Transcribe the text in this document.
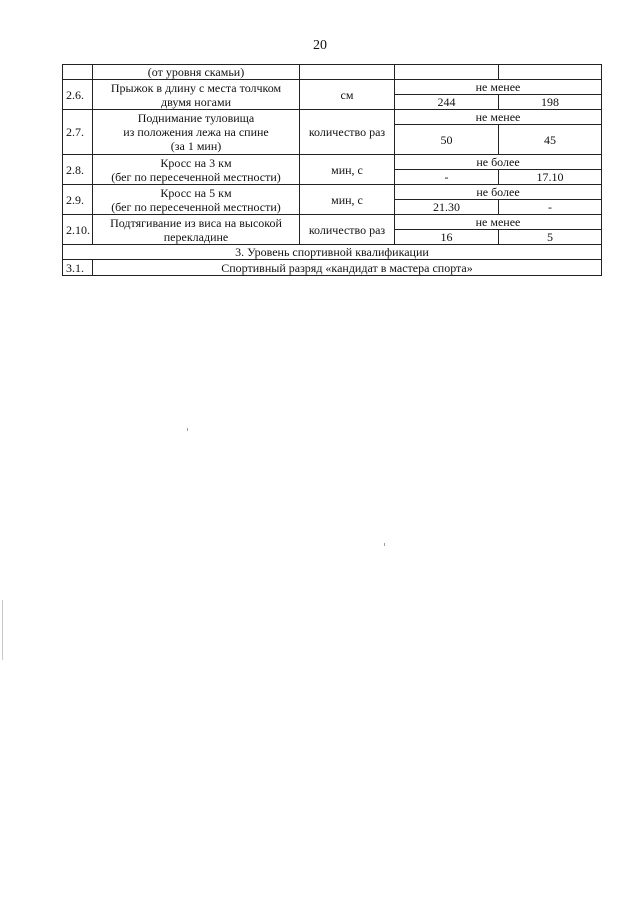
20
	(от уровня скамьи)			
2.6.	Прыжок в длину с места толчком
двумя ногами	см	не менее	
			244	198
2.7.	Поднимание туловища
из положения лежа на спине
(за 1 мин)	количество раз	не менее	
			50	45
2.8.	Кросс на 3 км
(бег по пересеченной местности)	мин, с	не более	
			-	17.10
2.9.	Кросс на 5 км
(бег по пересеченной местности)	мин, с	не более	
			21.30	-
2.10.	Подтягивание из виса на высокой
перекладине	количество раз	не менее	
			16	5
3. Уровень спортивной квалификации				
3.1.	Спортивный разряд «кандидат в мастера спорта»			
